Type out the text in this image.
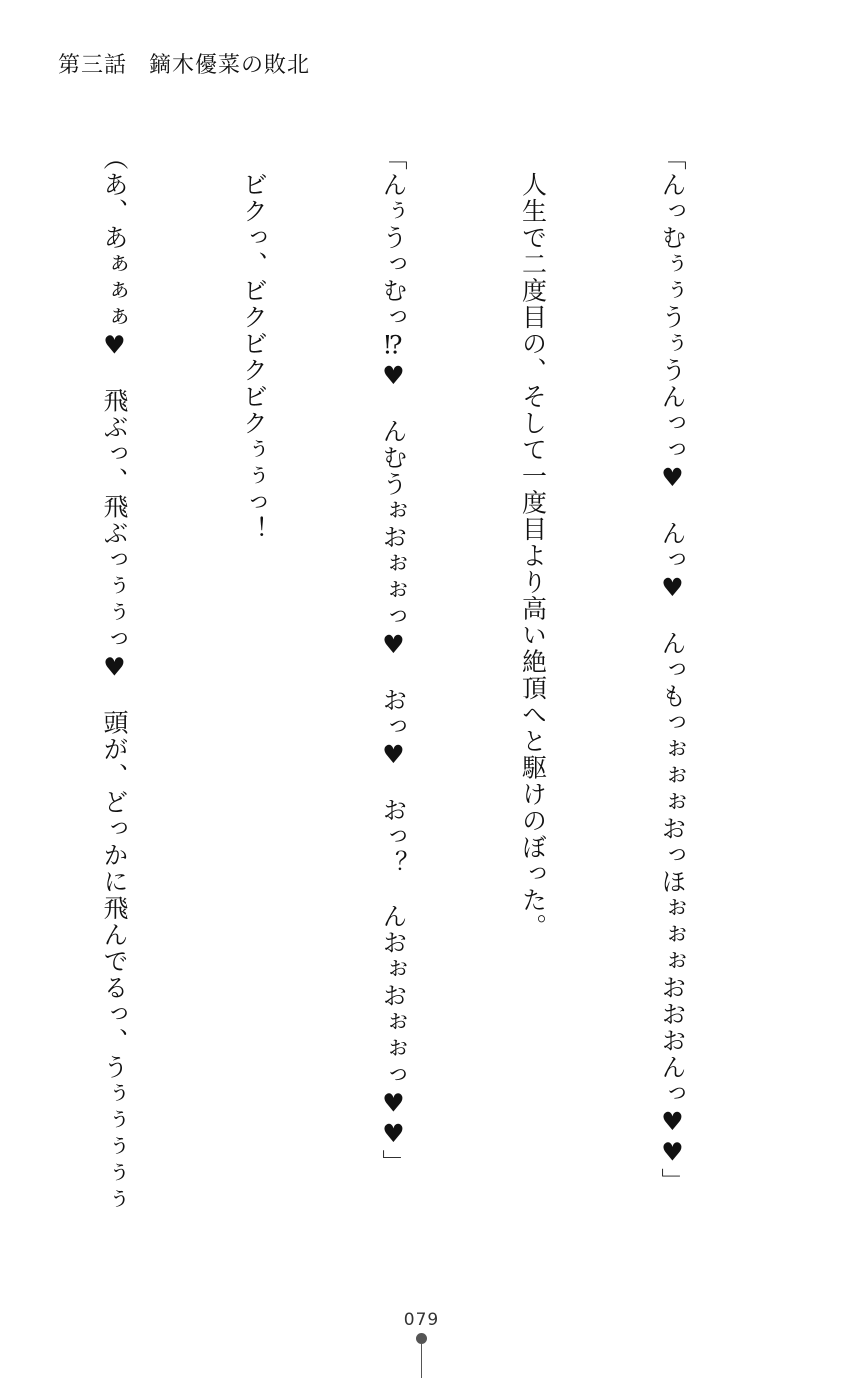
第三話 鏑木優菜の敗北

「んっむぅぅうぅうんっっ♥　んっ♥　んっもっぉぉぉおっほぉぉぉおおおんっ♥♥」

　人生で二度目の、そして一度目より高い絶頂へと駆けのぼった。

「んぅうっむっ⁉♥　んむうぉおぉぉっ♥　おっ♥　おっ？　んおぉおぉぉっ♥♥」

　ビクっ、ビクビクビクぅぅっ！

（あ、あぁぁぁ♥　飛ぶっ、飛ぶっぅぅっ♥　頭が、どっかに飛んでるっ、うぅぅぅぅぅ

079
